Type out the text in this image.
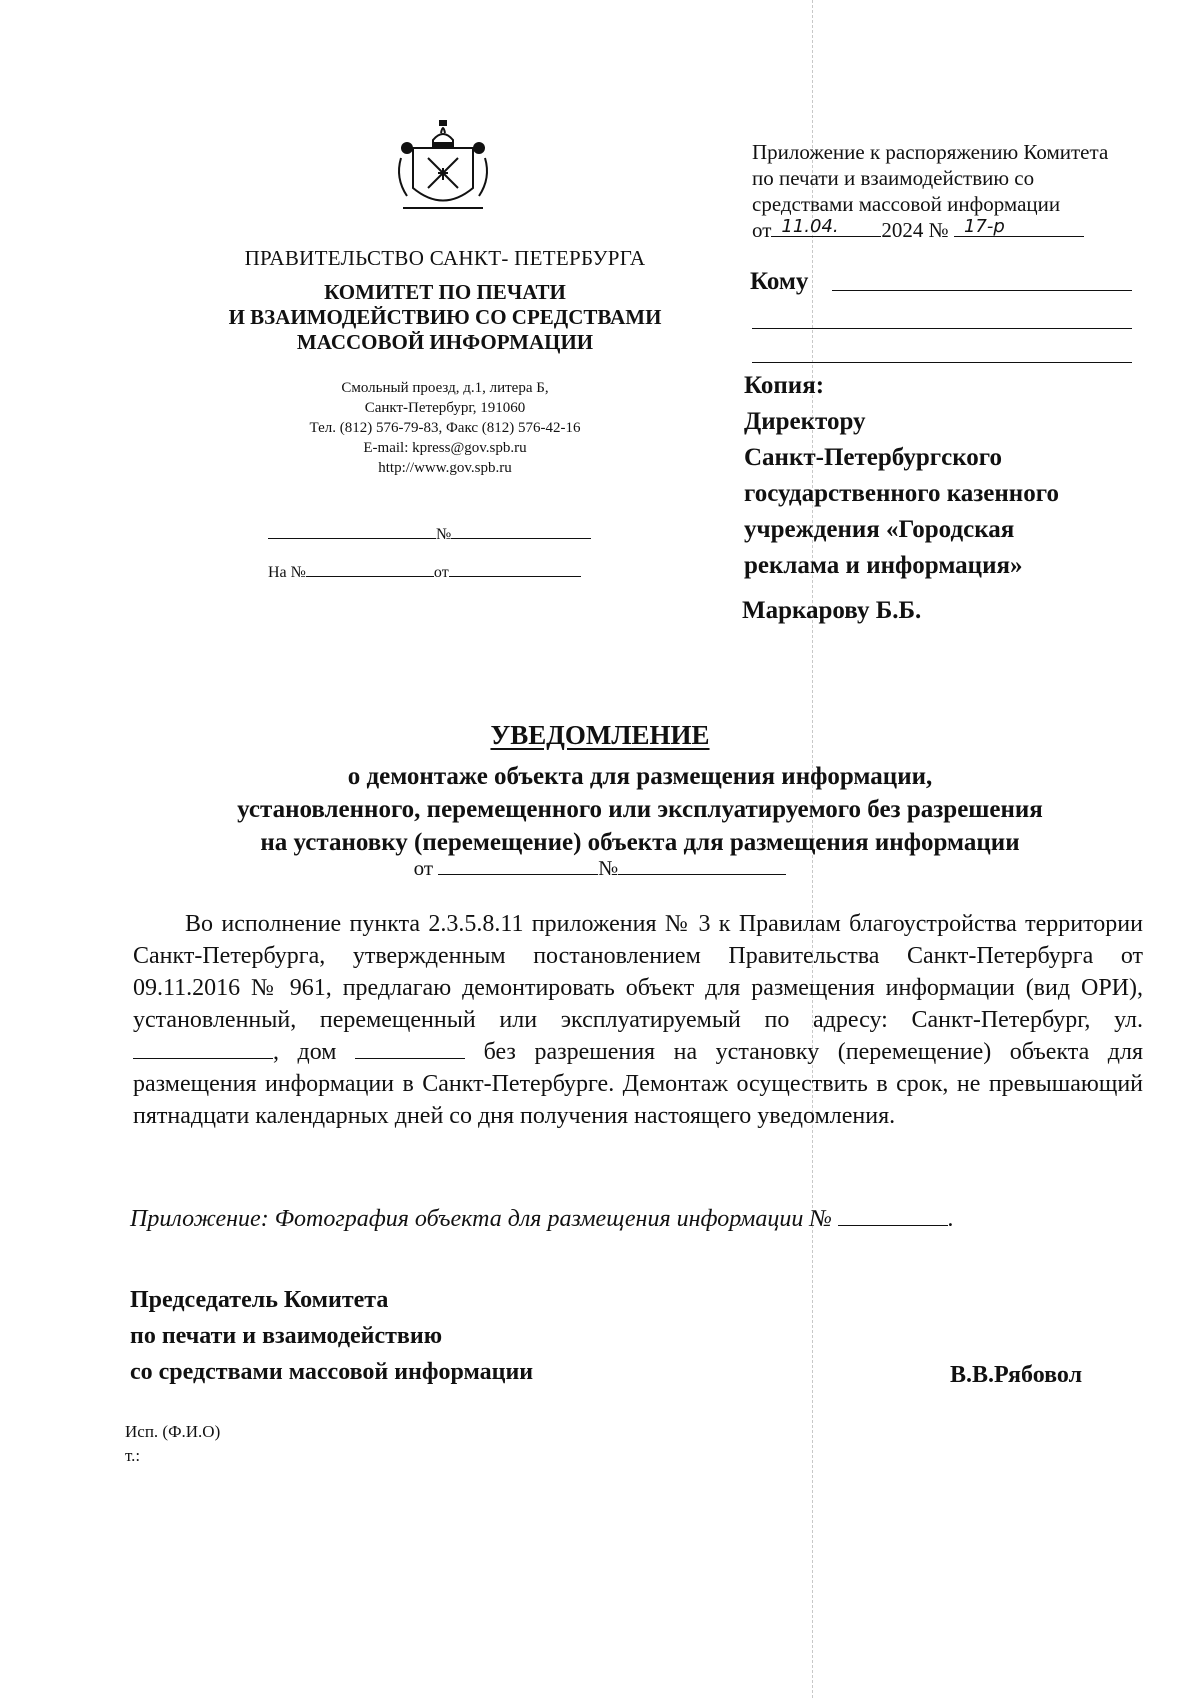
ПРАВИТЕЛЬСТВО САНКТ- ПЕТЕРБУРГА
КОМИТЕТ ПО ПЕЧАТИ
И ВЗАИМОДЕЙСТВИЮ СО СРЕДСТВАМИ
МАССОВОЙ ИНФОРМАЦИИ
Смольный проезд, д.1, литера Б,
Санкт-Петербург, 191060
Тел. (812) 576-79-83, Факс (812) 576-42-16
E-mail: kpress@gov.spb.ru
http://www.gov.spb.ru
№
На №	от
Приложение к распоряжению Комитета
по печати и взаимодействию со
средствами массовой информации
от 11.04. 2024 № 17-р
Кому
Копия:
Директору
Санкт-Петербургского
государственного казенного
учреждения «Городская
реклама и информация»
Маркарову Б.Б.
УВЕДОМЛЕНИЕ
о демонтаже объекта для размещения информации,
установленного, перемещенного или эксплуатируемого без разрешения
на установку (перемещение) объекта для размещения информации
от	№

Во исполнение пункта 2.3.5.8.11 приложения № 3 к Правилам благоустройства территории Санкт-Петербурга, утвержденным постановлением Правительства Санкт-Петербурга от 09.11.2016 № 961, предлагаю демонтировать объект для размещения информации (вид ОРИ), установленный, перемещенный или эксплуатируемый по адресу: Санкт-Петербург, ул. , дом	без разрешения на установку (перемещение) объекта для размещения информации в Санкт-Петербурге. Демонтаж осуществить в срок, не превышающий пятнадцати календарных дней со дня получения настоящего уведомления.

Приложение: Фотография объекта для размещения информации №	.
Председатель Комитета
по печати и взаимодействию
со средствами массовой информации	В.В.Рябовол
Исп. (Ф.И.О)
т.:
